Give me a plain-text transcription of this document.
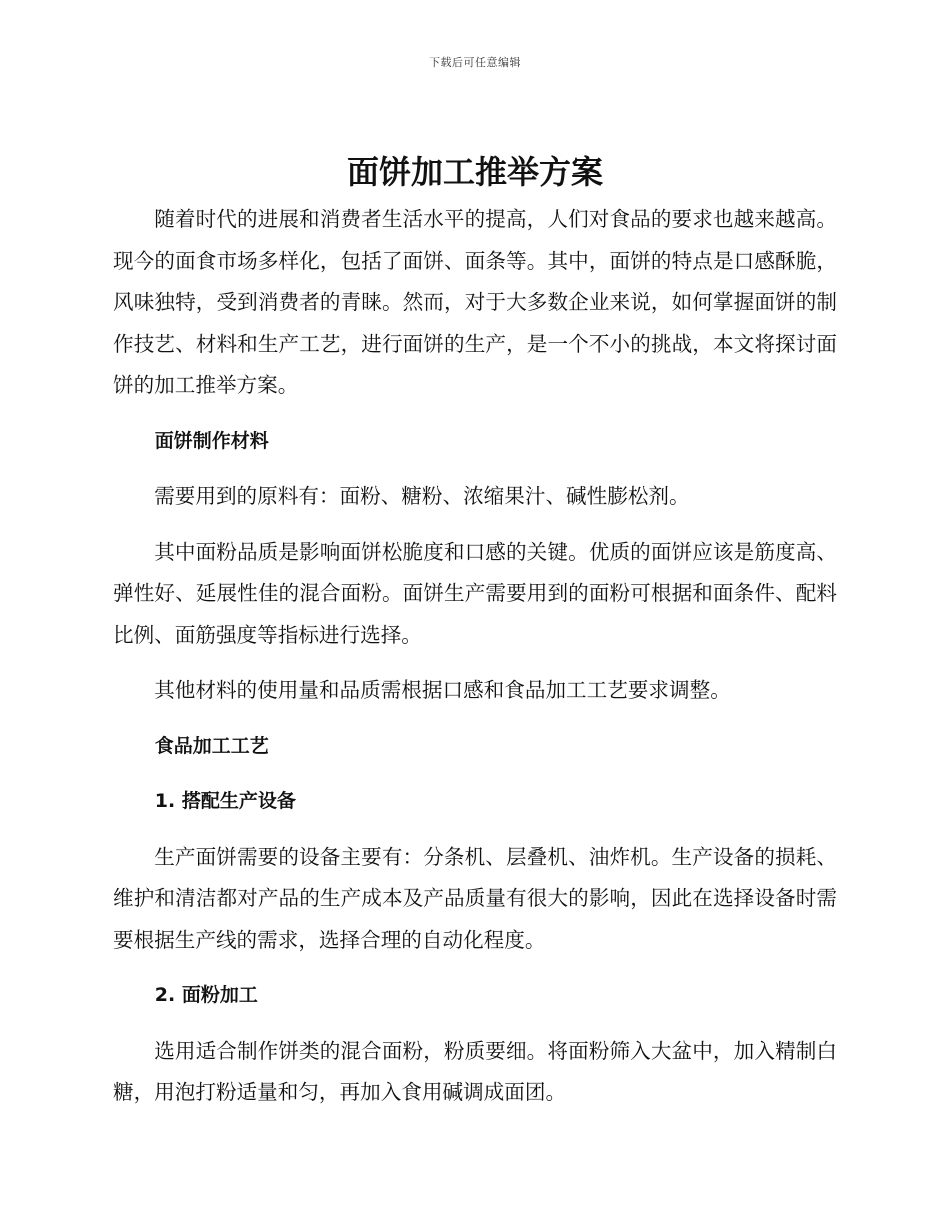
下载后可任意编辑
面饼加工推举方案

随着时代的进展和消费者生活水平的提高，人们对食品的要求也越来越高。现今的面食市场多样化，包括了面饼、面条等。其中，面饼的特点是口感酥脆，风味独特，受到消费者的青睐。然而，对于大多数企业来说，如何掌握面饼的制作技艺、材料和生产工艺，进行面饼的生产，是一个不小的挑战，本文将探讨面饼的加工推举方案。

面饼制作材料

需要用到的原料有：面粉、糖粉、浓缩果汁、碱性膨松剂。

其中面粉品质是影响面饼松脆度和口感的关键。优质的面饼应该是筋度高、弹性好、延展性佳的混合面粉。面饼生产需要用到的面粉可根据和面条件、配料比例、面筋强度等指标进行选择。

其他材料的使用量和品质需根据口感和食品加工工艺要求调整。

食品加工工艺
1. 搭配生产设备

生产面饼需要的设备主要有：分条机、层叠机、油炸机。生产设备的损耗、维护和清洁都对产品的生产成本及产品质量有很大的影响，因此在选择设备时需要根据生产线的需求，选择合理的自动化程度。

2. 面粉加工

选用适合制作饼类的混合面粉，粉质要细。将面粉筛入大盆中，加入精制白糖，用泡打粉适量和匀，再加入食用碱调成面团。
